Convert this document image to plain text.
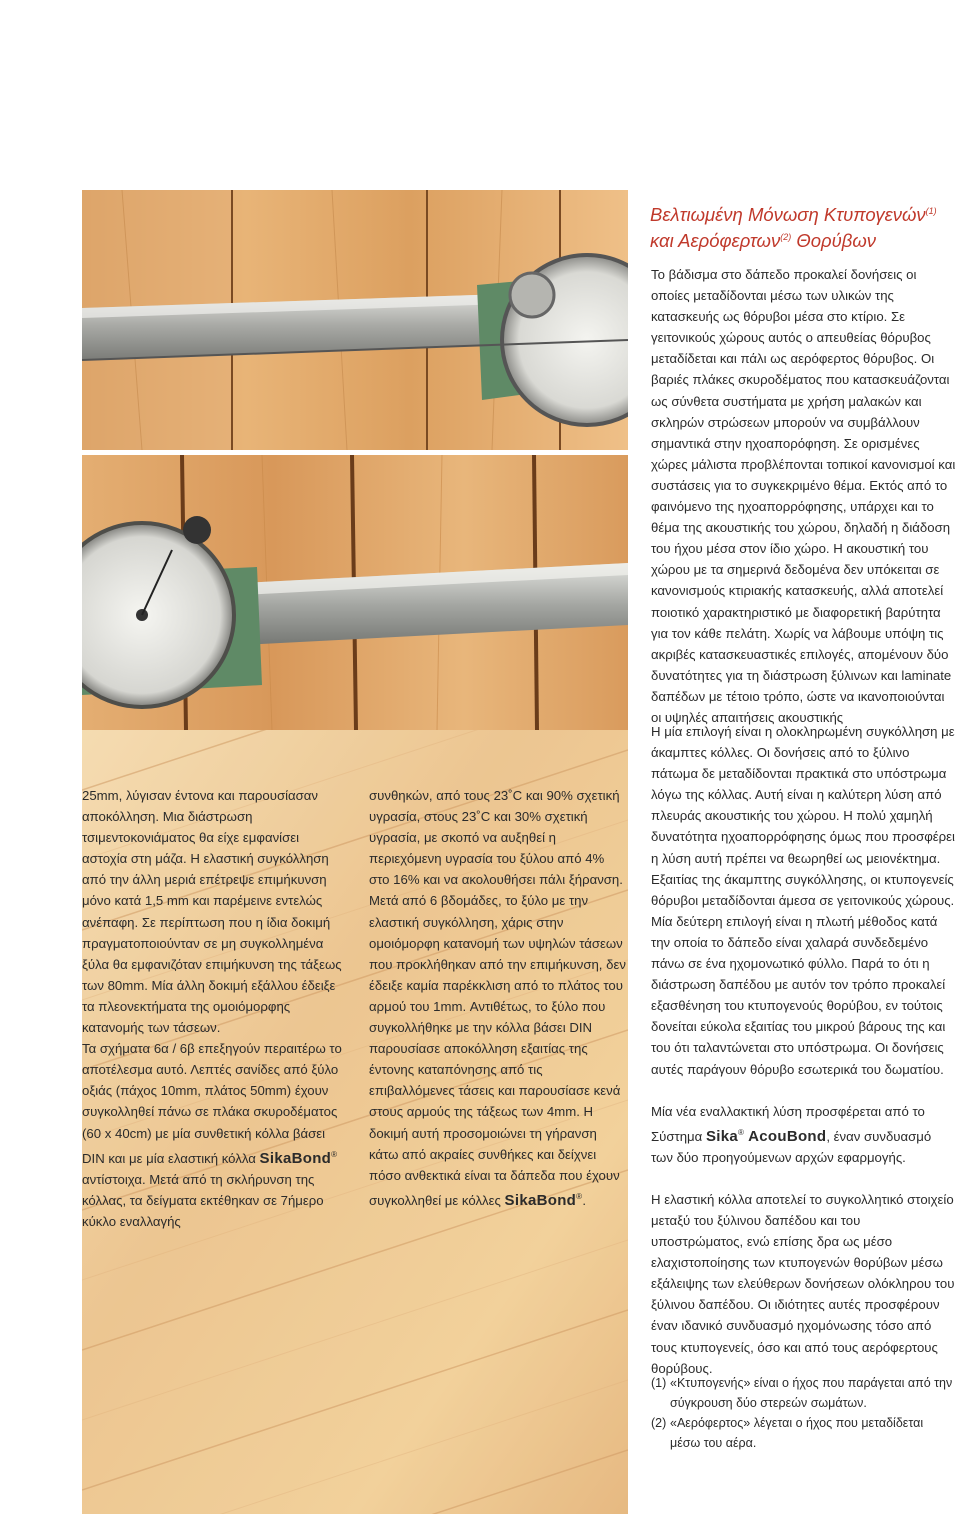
Βελτιωμένη Μόνωση Κτυπογενών$^{(1)}$
και Αερόφερτων$^{(2)}$ Θορύβων

Το βάδισμα στο δάπεδο προκαλεί δονήσεις οι οποίες μεταδίδονται μέσω των υλικών της κατασκευής ως θόρυβοι μέσα στο κτίριο. Σε γειτονικούς χώρους αυτός ο απευθείας θόρυβος μεταδίδεται και πάλι ως αερόφερτος θόρυβος. Οι βαριές πλάκες σκυροδέματος που κατασκευάζονται ως σύνθετα συστήματα με χρήση μαλακών και σκληρών στρώσεων μπορούν να συμβάλλουν σημαντικά στην ηχοαπορόφηση. Σε ορισμένες χώρες μάλιστα προβλέπονται τοπικοί κανονισμοί και συστάσεις για το συγκεκριμένο θέμα. Εκτός από το φαινόμενο της ηχοαπορρόφησης, υπάρχει και το θέμα της ακουστικής του χώρου, δηλαδή η διάδοση του ήχου μέσα στον ίδιο χώρο. Η ακουστική του χώρου με τα σημερινά δεδομένα δεν υπόκειται σε κανονισμούς κτιριακής κατασκευής, αλλά αποτελεί ποιοτικό χαρακτηριστικό με διαφορετική βαρύτητα για τον κάθε πελάτη. Χωρίς να λάβουμε υπόψη τις ακριβές κατασκευαστικές επιλογές, απομένουν δύο δυνατότητες για τη διάστρωση ξύλινων και laminate δαπέδων με τέτοιο τρόπο, ώστε να ικανοποιούνται οι υψηλές απαιτήσεις ακουστικής

25mm, λύγισαν έντονα και παρουσίασαν αποκόλληση. Μια διάστρωση τσιμεντοκονιάματος θα είχε εμφανίσει αστοχία στη μάζα. Η ελαστική συγκόλληση από την άλλη μεριά επέτρεψε επιμήκυνση μόνο κατά 1,5 mm και παρέμεινε εντελώς ανέπαφη. Σε περίπτωση που η ίδια δοκιμή πραγματοποιούνταν σε μη συγκολλημένα ξύλα θα εμφανιζόταν επιμήκυνση της τάξεως των 80mm. Μία άλλη δοκιμή εξάλλου έδειξε τα πλεονεκτήματα της ομοιόμορφης κατανομής των τάσεων.

Τα σχήματα 6α / 6β επεξηγούν περαιτέρω το αποτέλεσμα αυτό. Λεπτές σανίδες από ξύλο οξιάς (πάχος 10mm, πλάτος 50mm) έχουν συγκολληθεί πάνω σε πλάκα σκυροδέματος (60 x 40cm) με μία συνθετική κόλλα βάσει DIN και με μία ελαστική κόλλα SikaBond® αντίστοιχα. Μετά από τη σκλήρυνση της κόλλας, τα δείγματα εκτέθηκαν σε 7ήμερο κύκλο εναλλαγής

συνθηκών, από τους 23˚C και 90% σχετική υγρασία, στους 23˚C και 30% σχετική υγρασία, με σκοπό να αυξηθεί η περιεχόμενη υγρασία του ξύλου από 4% στο 16% και να ακολουθήσει πάλι ξήρανση. Μετά από 6 βδομάδες, το ξύλο με την ελαστική συγκόλληση, χάρις στην ομοιόμορφη κατανομή των υψηλών τάσεων που προκλήθηκαν από την επιμήκυνση, δεν έδειξε καμία παρέκκλιση από το πλάτος του αρμού του 1mm. Αντιθέτως, το ξύλο που συγκολλήθηκε με την κόλλα βάσει DIN παρουσίασε αποκόλληση εξαιτίας της έντονης καταπόνησης από τις επιβαλλόμενες τάσεις και παρουσίασε κενά στους αρμούς της τάξεως των 4mm. Η δοκιμή αυτή προσομοιώνει τη γήρανση κάτω από ακραίες συνθήκες και δείχνει πόσο ανθεκτικά είναι τα δάπεδα που έχουν συγκολληθεί με κόλλες SikaBond®.

Η μία επιλογή είναι η ολοκληρωμένη συγκόλληση με άκαμπτες κόλλες. Οι δονήσεις από το ξύλινο πάτωμα δε μεταδίδονται πρακτικά στο υπόστρωμα λόγω της κόλλας. Αυτή είναι η καλύτερη λύση από πλευράς ακουστικής του χώρου. Η πολύ χαμηλή δυνατότητα ηχοαπορρόφησης όμως που προσφέρει η λύση αυτή πρέπει να θεωρηθεί ως μειονέκτημα. Εξαιτίας της άκαμπτης συγκόλλησης, οι κτυπογενείς θόρυβοι μεταδίδονται άμεσα σε γειτονικούς χώρους. Μία δεύτερη επιλογή είναι η πλωτή μέθοδος κατά την οποία το δάπεδο είναι χαλαρά συνδεδεμένο πάνω σε ένα ηχομονωτικό φύλλο. Παρά το ότι η διάστρωση δαπέδου με αυτόν τον τρόπο προκαλεί εξασθένηση του κτυπογενούς θορύβου, εν τούτοις δονείται εύκολα εξαιτίας του μικρού βάρους της και του ότι ταλαντώνεται στο υπόστρωμα. Οι δονήσεις αυτές παράγουν θόρυβο εσωτερικά του δωματίου.

Μία νέα εναλλακτική λύση προσφέρεται από το Σύστημα Sika® AcouBond, έναν συνδυασμό των δύο προηγούμενων αρχών εφαρμογής.

Η ελαστική κόλλα αποτελεί το συγκολλητικό στοιχείο μεταξύ του ξύλινου δαπέδου και του υποστρώματος, ενώ επίσης δρα ως μέσο ελαχιστοποίησης των κτυπογενών θορύβων μέσω εξάλειψης των ελεύθερων δονήσεων ολόκληρου του ξύλινου δαπέδου. Οι ιδιότητες αυτές προσφέρουν έναν ιδανικό συνδυασμό ηχομόνωσης τόσο από τους κτυπογενείς, όσο και από τους αερόφερτους θορύβους.

(1) «Κτυπογενής» είναι ο ήχος που παράγεται από την σύγκρουση δύο στερεών σωμάτων.
(2) «Αερόφερτος» λέγεται ο ήχος που μεταδίδεται μέσω του αέρα.
